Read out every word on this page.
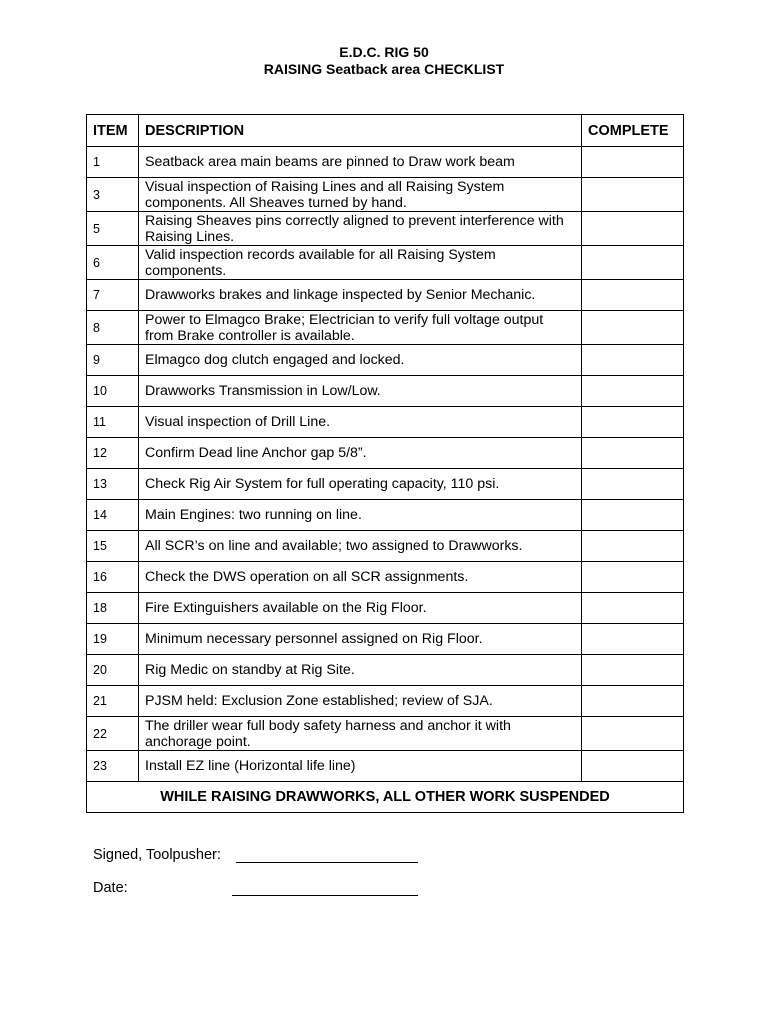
E.D.C. RIG 50
RAISING Seatback area CHECKLIST
ITEM	DESCRIPTION	COMPLETE
1	Seatback area main beams are pinned to Draw work beam	
3	Visual inspection of Raising Lines and all Raising System components. All Sheaves turned by hand.	
5	Raising Sheaves pins correctly aligned to prevent interference with Raising Lines.	
6	Valid inspection records available for all Raising System components.	
7	Drawworks brakes and linkage inspected by Senior Mechanic.	
8	Power to Elmagco Brake; Electrician to verify full voltage output from Brake controller is available.	
9	Elmagco dog clutch engaged and locked.	
10	Drawworks Transmission in Low/Low.	
11	Visual inspection of Drill Line.	
12	Confirm Dead line Anchor gap 5/8”.	
13	Check Rig Air System for full operating capacity, 110 psi.	
14	Main Engines: two running on line.	
15	All SCR’s on line and available; two assigned to Drawworks.	
16	Check the DWS operation on all SCR assignments.	
18	Fire Extinguishers available on the Rig Floor.	
19	Minimum necessary personnel assigned on Rig Floor.	
20	Rig Medic on standby at Rig Site.	
21	PJSM held: Exclusion Zone established; review of SJA.	
22	The driller wear full body safety harness and anchor it with anchorage point.	
23	Install EZ line (Horizontal life line)	
WHILE RAISING DRAWWORKS, ALL OTHER WORK SUSPENDED		
Signed, Toolpusher:
Date:
